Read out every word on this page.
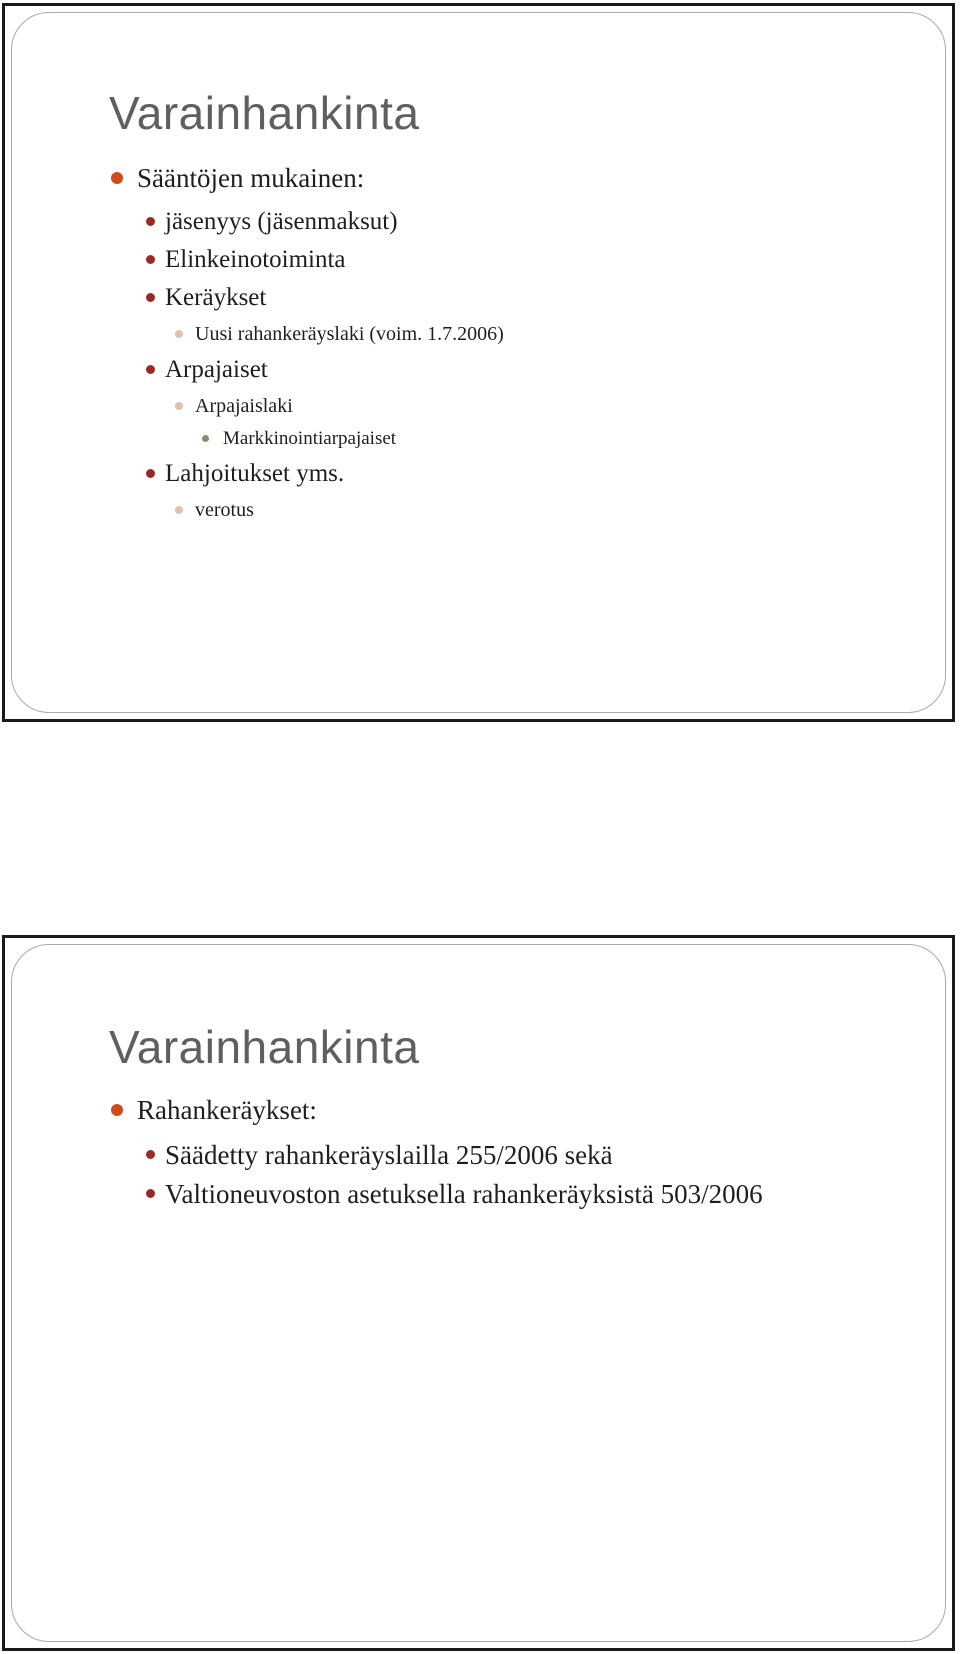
Varainhankinta
Sääntöjen mukainen:
jäsenyys (jäsenmaksut)
Elinkeinotoiminta
Keräykset
Uusi rahankeräyslaki (voim. 1.7.2006)
Arpajaiset
Arpajaislaki
Markkinointiarpajaiset
Lahjoitukset yms.
verotus
Varainhankinta
Rahankeräykset:
Säädetty rahankeräyslailla 255/2006 sekä
Valtioneuvoston asetuksella rahankeräyksistä 503/2006
